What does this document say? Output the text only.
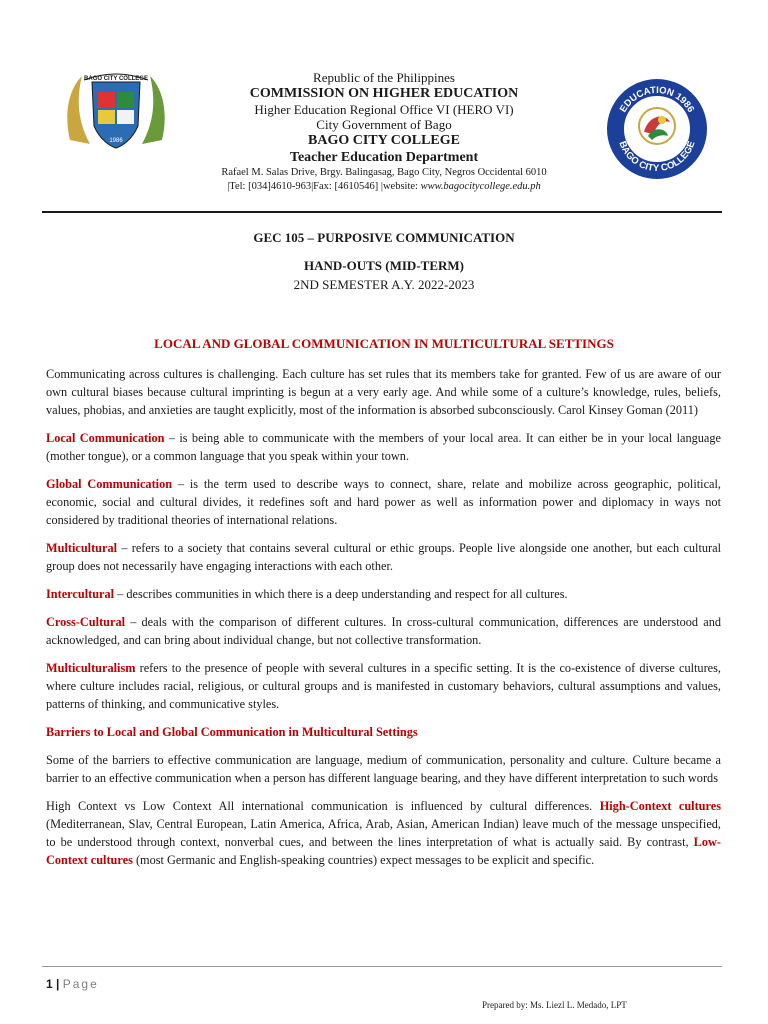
BAGO CITY COLLEGE
1986
EDUCATION 1986
BAGO CITY COLLEGE

Republic of the Philippines

COMMISSION ON HIGHER EDUCATION

Higher Education Regional Office VI (HERO VI)

City Government of Bago

BAGO CITY COLLEGE

Teacher Education Department

Rafael M. Salas Drive, Brgy. Balingasag, Bago City, Negros Occidental 6010

|Tel: [034]4610-963|Fax: [4610546] |website: www.bagocitycollege.edu.ph

GEC 105 – PURPOSIVE COMMUNICATION
HAND-OUTS (MID-TERM)
2ND SEMESTER A.Y. 2022-2023
LOCAL AND GLOBAL COMMUNICATION IN MULTICULTURAL SETTINGS

Communicating across cultures is challenging. Each culture has set rules that its members take for granted. Few of us are aware of our own cultural biases because cultural imprinting is begun at a very early age. And while some of a culture’s knowledge, rules, beliefs, values, phobias, and anxieties are taught explicitly, most of the information is absorbed subconsciously. Carol Kinsey Goman (2011)

Local Communication – is being able to communicate with the members of your local area. It can either be in your local language (mother tongue), or a common language that you speak within your town.

Global Communication – is the term used to describe ways to connect, share, relate and mobilize across geographic, political, economic, social and cultural divides, it redefines soft and hard power as well as information power and diplomacy in ways not considered by traditional theories of international relations.

Multicultural – refers to a society that contains several cultural or ethic groups. People live alongside one another, but each cultural group does not necessarily have engaging interactions with each other.

Intercultural – describes communities in which there is a deep understanding and respect for all cultures.

Cross-Cultural – deals with the comparison of different cultures. In cross-cultural communication, differences are understood and acknowledged, and can bring about individual change, but not collective transformation.

Multiculturalism refers to the presence of people with several cultures in a specific setting. It is the co-existence of diverse cultures, where culture includes racial, religious, or cultural groups and is manifested in customary behaviors, cultural assumptions and values, patterns of thinking, and communicative styles.

Barriers to Local and Global Communication in Multicultural Settings

Some of the barriers to effective communication are language, medium of communication, personality and culture. Culture became a barrier to an effective communication when a person has different language bearing, and they have different interpretation to such words

High Context vs Low Context All international communication is influenced by cultural differences. High-Context cultures (Mediterranean, Slav, Central European, Latin America, Africa, Arab, Asian, American Indian) leave much of the message unspecified, to be understood through context, nonverbal cues, and between the lines interpretation of what is actually said. By contrast, Low-Context cultures (most Germanic and English-speaking countries) expect messages to be explicit and specific.

1 | Page
Prepared by: Ms. Liezl L. Medado, LPT
